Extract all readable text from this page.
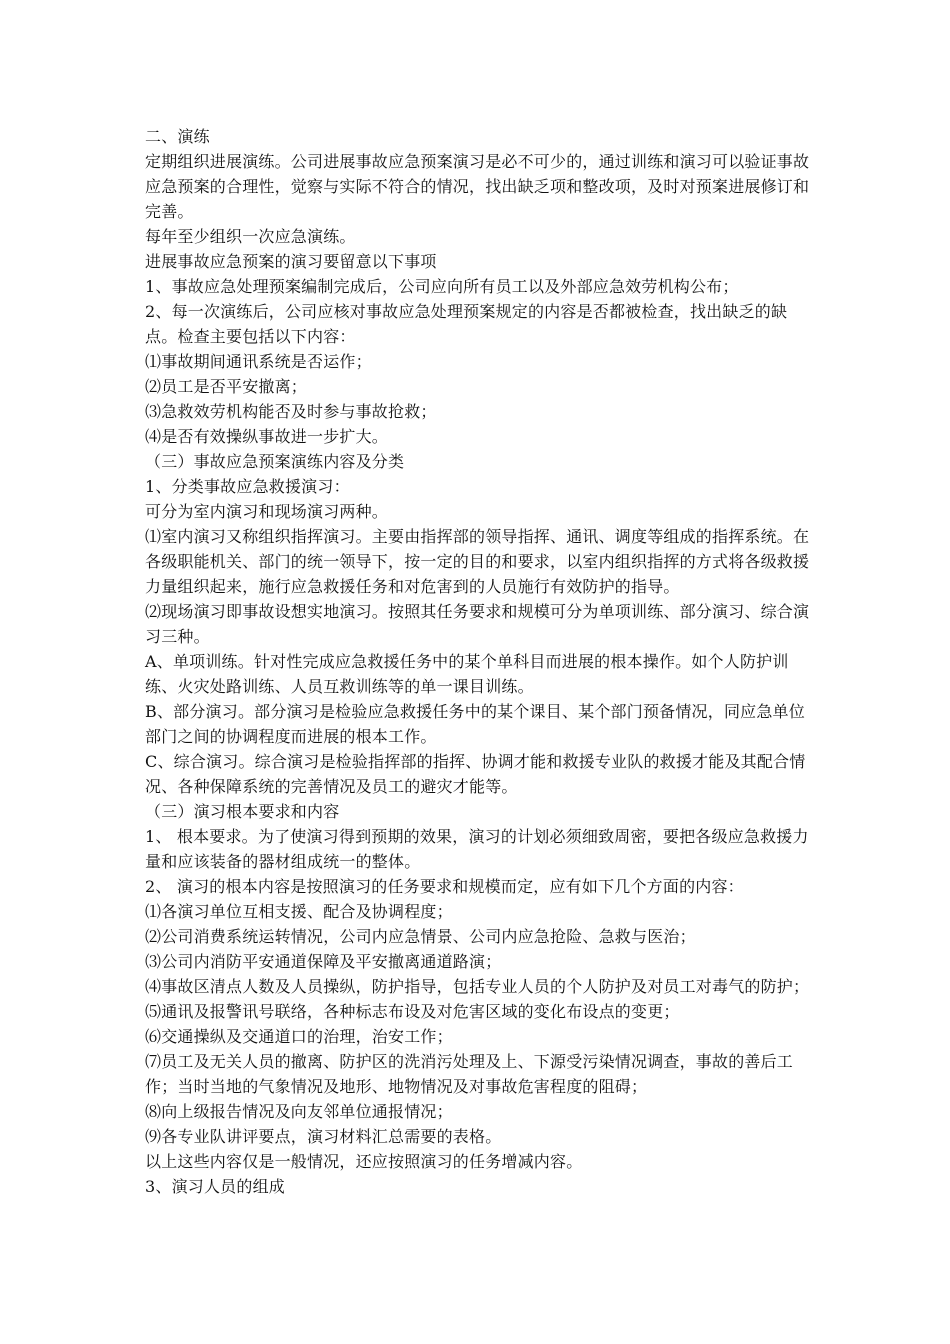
二、演练

定期组织进展演练。公司进展事故应急预案演习是必不可少的，通过训练和演习可以验证事故应急预案的合理性，觉察与实际不符合的情况，找出缺乏项和整改项，及时对预案进展修订和完善。

每年至少组织一次应急演练。

进展事故应急预案的演习要留意以下事项

1、事故应急处理预案编制完成后，公司应向所有员工以及外部应急效劳机构公布；

2、每一次演练后，公司应核对事故应急处理预案规定的内容是否都被检查，找出缺乏的缺点。检查主要包括以下内容：

⑴事故期间通讯系统是否运作；

⑵员工是否平安撤离；

⑶急救效劳机构能否及时参与事故抢救；

⑷是否有效操纵事故进一步扩大。

（三）事故应急预案演练内容及分类

1、分类事故应急救援演习：

可分为室内演习和现场演习两种。

⑴室内演习又称组织指挥演习。主要由指挥部的领导指挥、通讯、调度等组成的指挥系统。在各级职能机关、部门的统一领导下，按一定的目的和要求，以室内组织指挥的方式将各级救援力量组织起来，施行应急救援任务和对危害到的人员施行有效防护的指导。

⑵现场演习即事故设想实地演习。按照其任务要求和规模可分为单项训练、部分演习、综合演习三种。

A、单项训练。针对性完成应急救援任务中的某个单科目而进展的根本操作。如个人防护训练、火灾处路训练、人员互救训练等的单一课目训练。

B、部分演习。部分演习是检验应急救援任务中的某个课目、某个部门预备情况，同应急单位部门之间的协调程度而进展的根本工作。

C、综合演习。综合演习是检验指挥部的指挥、协调才能和救援专业队的救援才能及其配合情况、各种保障系统的完善情况及员工的避灾才能等。

（三）演习根本要求和内容

1、 根本要求。为了使演习得到预期的效果，演习的计划必须细致周密，要把各级应急救援力量和应该装备的器材组成统一的整体。

2、 演习的根本内容是按照演习的任务要求和规模而定，应有如下几个方面的内容：

⑴各演习单位互相支援、配合及协调程度；

⑵公司消费系统运转情况，公司内应急情景、公司内应急抢险、急救与医治；

⑶公司内消防平安通道保障及平安撤离通道路演；

⑷事故区清点人数及人员操纵，防护指导，包括专业人员的个人防护及对员工对毒气的防护；

⑸通讯及报警讯号联络，各种标志布设及对危害区域的变化布设点的变更；

⑹交通操纵及交通道口的治理，治安工作；

⑺员工及无关人员的撤离、防护区的洗消污处理及上、下源受污染情况调查，事故的善后工作；当时当地的气象情况及地形、地物情况及对事故危害程度的阻碍；

⑻向上级报告情况及向友邻单位通报情况；

⑼各专业队讲评要点，演习材料汇总需要的表格。

以上这些内容仅是一般情况，还应按照演习的任务增减内容。

3、演习人员的组成
